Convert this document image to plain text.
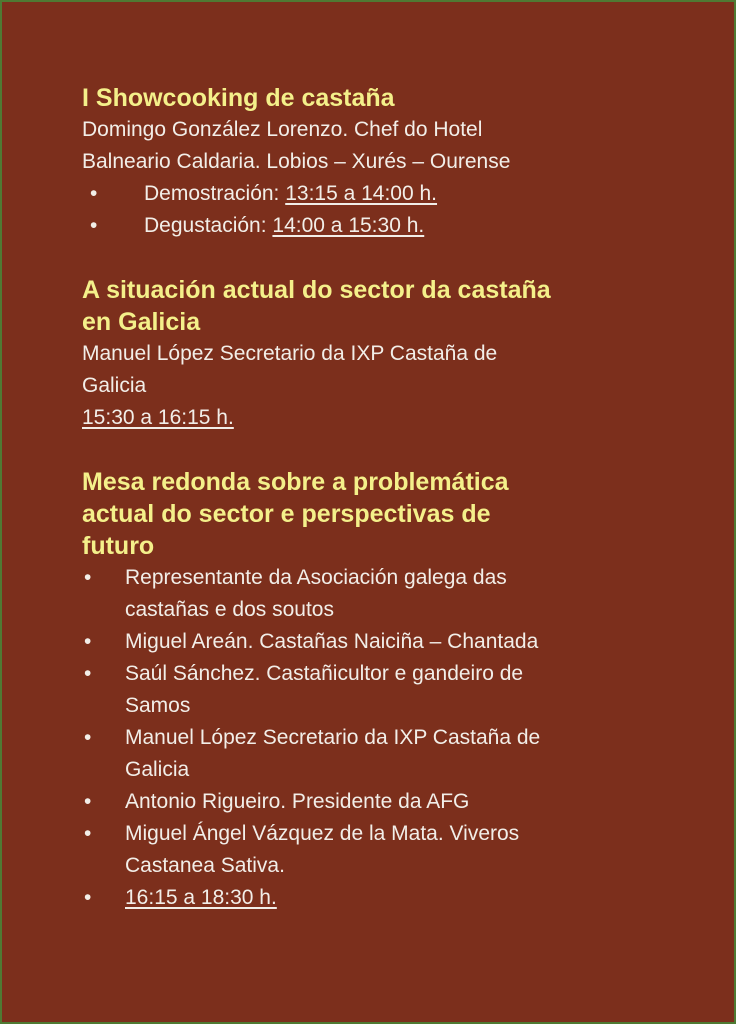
I Showcooking de castaña

Domingo González Lorenzo. Chef do Hotel

Balneario Caldaria. Lobios – Xurés – Ourense

• Demostración: 13:15 a 14:00 h.
• Degustación: 14:00 a 15:30 h.

A situación actual do sector da castaña

en Galicia

Manuel López Secretario da IXP Castaña de

Galicia

15:30 a 16:15 h.

Mesa redonda sobre a problemática

actual do sector e perspectivas de

futuro

• Representante da Asociación galega das
castañas e dos soutos
• Miguel Areán. Castañas Naiciña – Chantada
• Saúl Sánchez. Castañicultor e gandeiro de
Samos
• Manuel López Secretario da IXP Castaña de
Galicia
• Antonio Rigueiro. Presidente da AFG
• Miguel Ángel Vázquez de la Mata. Viveros
Castanea Sativa.
• 16:15 a 18:30 h.
